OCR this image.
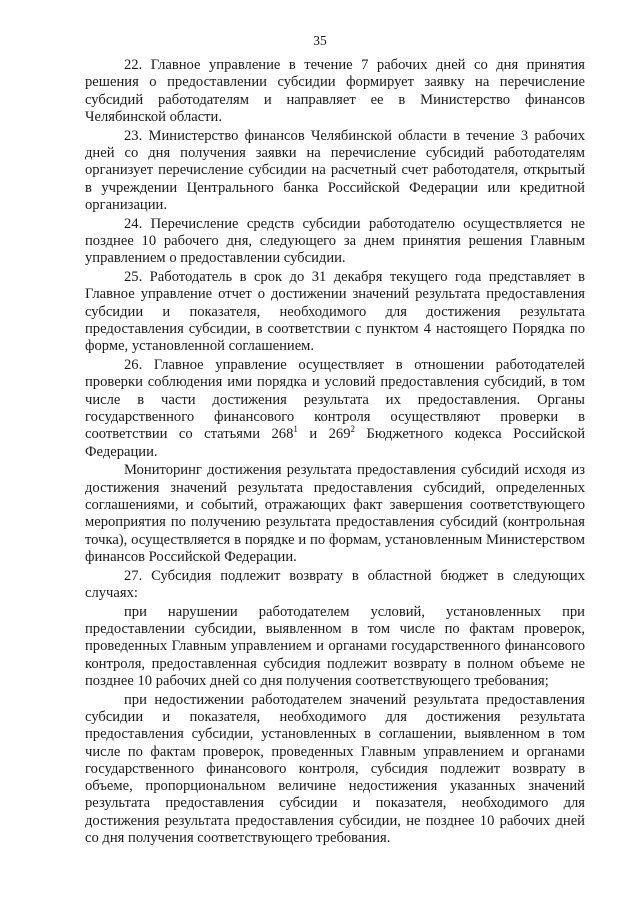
35

22. Главное управление в течение 7 рабочих дней со дня принятия решения о предоставлении субсидии формирует заявку на перечисление субсидий работодателям и направляет ее в Министерство финансов Челябинской области.

23. Министерство финансов Челябинской области в течение 3 рабочих дней со дня получения заявки на перечисление субсидий работодателям организует перечисление субсидии на расчетный счет работодателя, открытый в учреждении Центрального банка Российской Федерации или кредитной организации.

24. Перечисление средств субсидии работодателю осуществляется не позднее 10 рабочего дня, следующего за днем принятия решения Главным управлением о предоставлении субсидии.

25. Работодатель в срок до 31 декабря текущего года представляет в Главное управление отчет о достижении значений результата предоставления субсидии и показателя, необходимого для достижения результата предоставления субсидии, в соответствии с пунктом 4 настоящего Порядка по форме, установленной соглашением.

26. Главное управление осуществляет в отношении работодателей проверки соблюдения ими порядка и условий предоставления субсидий, в том числе в части достижения результата их предоставления. Органы государственного финансового контроля осуществляют проверки в соответствии со статьями $268^1$ и $269^2$ Бюджетного кодекса Российской Федерации.

Мониторинг достижения результата предоставления субсидий исходя из достижения значений результата предоставления субсидий, определенных соглашениями, и событий, отражающих факт завершения соответствующего мероприятия по получению результата предоставления субсидий (контрольная точка), осуществляется в порядке и по формам, установленным Министерством финансов Российской Федерации.

27. Субсидия подлежит возврату в областной бюджет в следующих случаях:

при нарушении работодателем условий, установленных при предоставлении субсидии, выявленном в том числе по фактам проверок, проведенных Главным управлением и органами государственного финансового контроля, предоставленная субсидия подлежит возврату в полном объеме не позднее 10 рабочих дней со дня получения соответствующего требования;

при недостижении работодателем значений результата предоставления субсидии и показателя, необходимого для достижения результата предоставления субсидии, установленных в соглашении, выявленном в том числе по фактам проверок, проведенных Главным управлением и органами государственного финансового контроля, субсидия подлежит возврату в объеме, пропорциональном величине недостижения указанных значений результата предоставления субсидии и показателя, необходимого для достижения результата предоставления субсидии, не позднее 10 рабочих дней со дня получения соответствующего требования.
